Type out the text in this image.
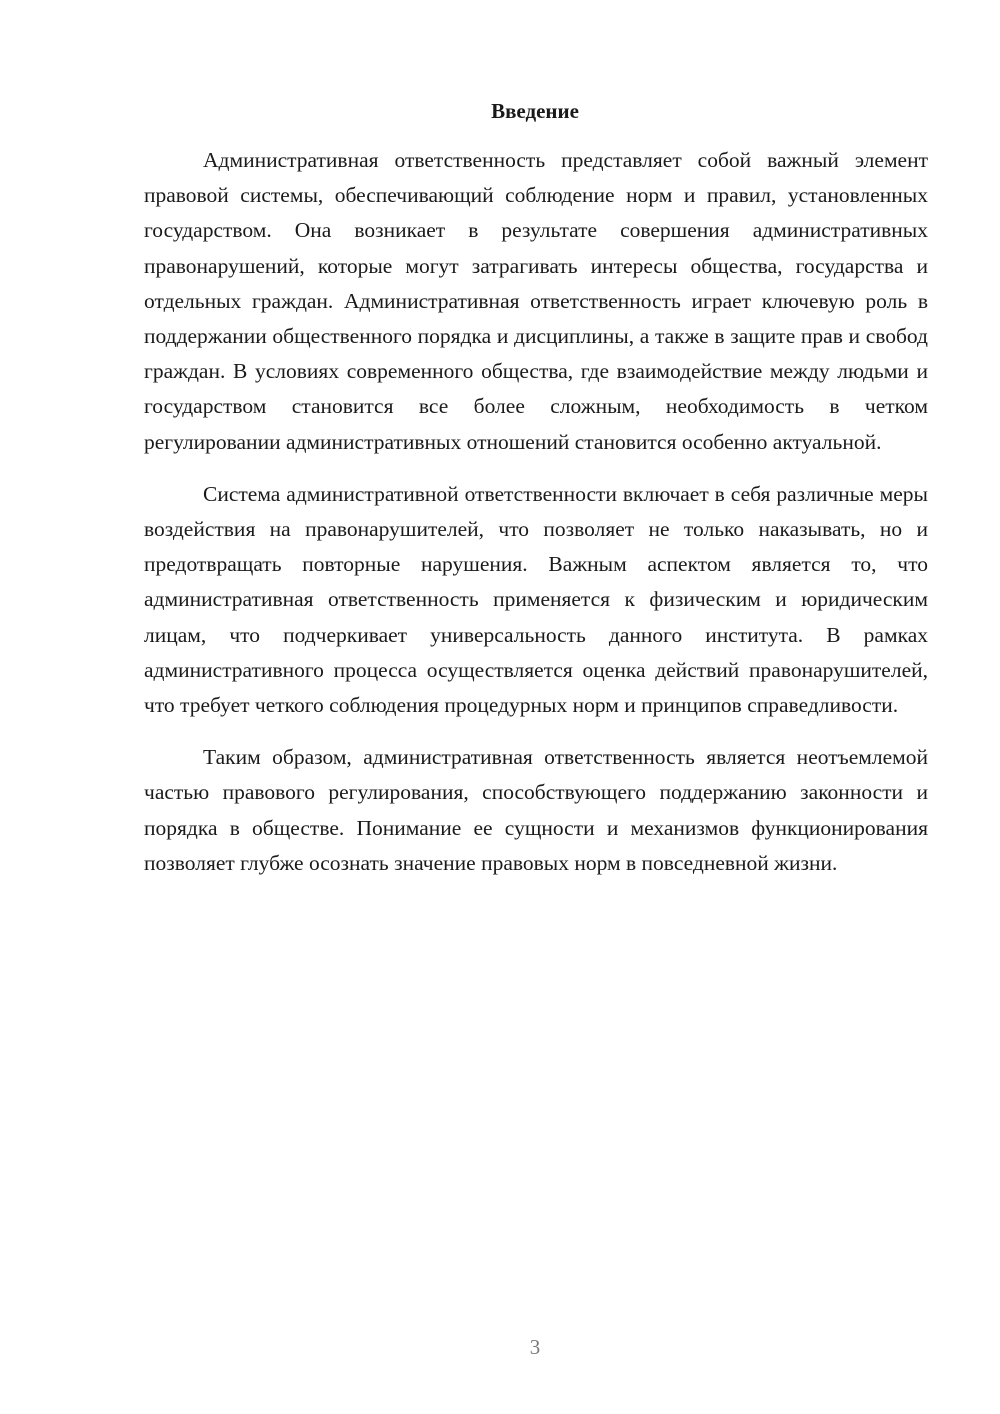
Введение

Административная ответственность представляет собой важный элемент правовой системы, обеспечивающий соблюдение норм и правил, установленных государством. Она возникает в результате совершения административных правонарушений, которые могут затрагивать интересы общества, государства и отдельных граждан. Административная ответственность играет ключевую роль в поддержании общественного порядка и дисциплины, а также в защите прав и свобод граждан. В условиях современного общества, где взаимодействие между людьми и государством становится все более сложным, необходимость в четком регулировании административных отношений становится особенно актуальной.

Система административной ответственности включает в себя различные меры воздействия на правонарушителей, что позволяет не только наказывать, но и предотвращать повторные нарушения. Важным аспектом является то, что административная ответственность применяется к физическим и юридическим лицам, что подчеркивает универсальность данного института. В рамках административного процесса осуществляется оценка действий правонарушителей, что требует четкого соблюдения процедурных норм и принципов справедливости.

Таким образом, административная ответственность является неотъемлемой частью правового регулирования, способствующего поддержанию законности и порядка в обществе. Понимание ее сущности и механизмов функционирования позволяет глубже осознать значение правовых норм в повседневной жизни.

3
